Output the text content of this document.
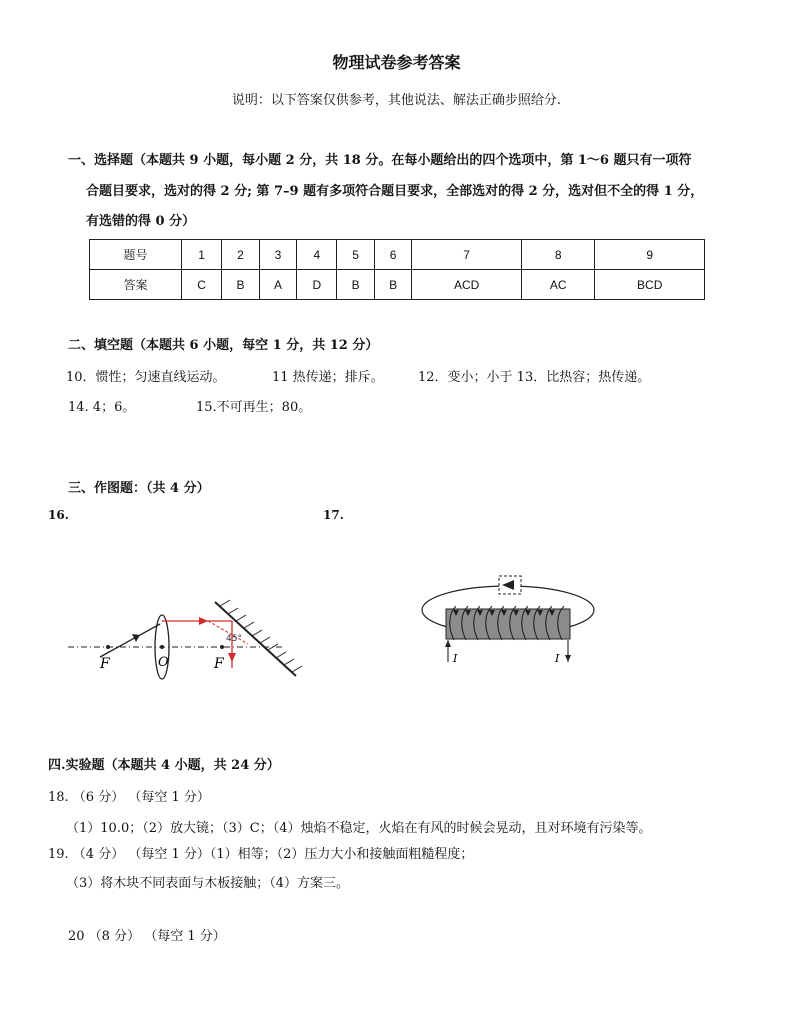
物理试卷参考答案
说明：以下答案仅供参考，其他说法、解法正确步照给分.
一、选择题（本题共 9 小题，每小题 2 分，共 18 分。在每小题给出的四个选项中，第 1～6 题只有一项符
合题目要求，选对的得 2 分; 第 7–9 题有多项符合题目要求，全部选对的得 2 分，选对但不全的得 1 分，
有选错的得 0 分）
题号	1	2	3	4	5	6	7	8	9
答案	C	B	A	D	B	B	ACD	AC	BCD
二、填空题（本题共 6 小题，每空 1 分，共 12 分）
10．惯性；匀速直线运动。	11 热传递；排斥。	12．变小；小于 13．比热容；热传递。
14. 4；6。	15.不可再生；80。
三、作图题：（共 4 分）
16.	17.
F	O	F
45°
I	I
四.实验题（本题共 4 小题，共 24 分）
18. （6 分） （每空 1 分）
（1）10.0；（2）放大镜；（3）C；（4）烛焰不稳定，火焰在有风的时候会晃动，且对环境有污染等。
19. （4 分） （每空 1 分）（1）相等；（2）压力大小和接触面粗糙程度；
（3）将木块不同表面与木板接触；（4）方案三。
20 （8 分） （每空 1 分）
